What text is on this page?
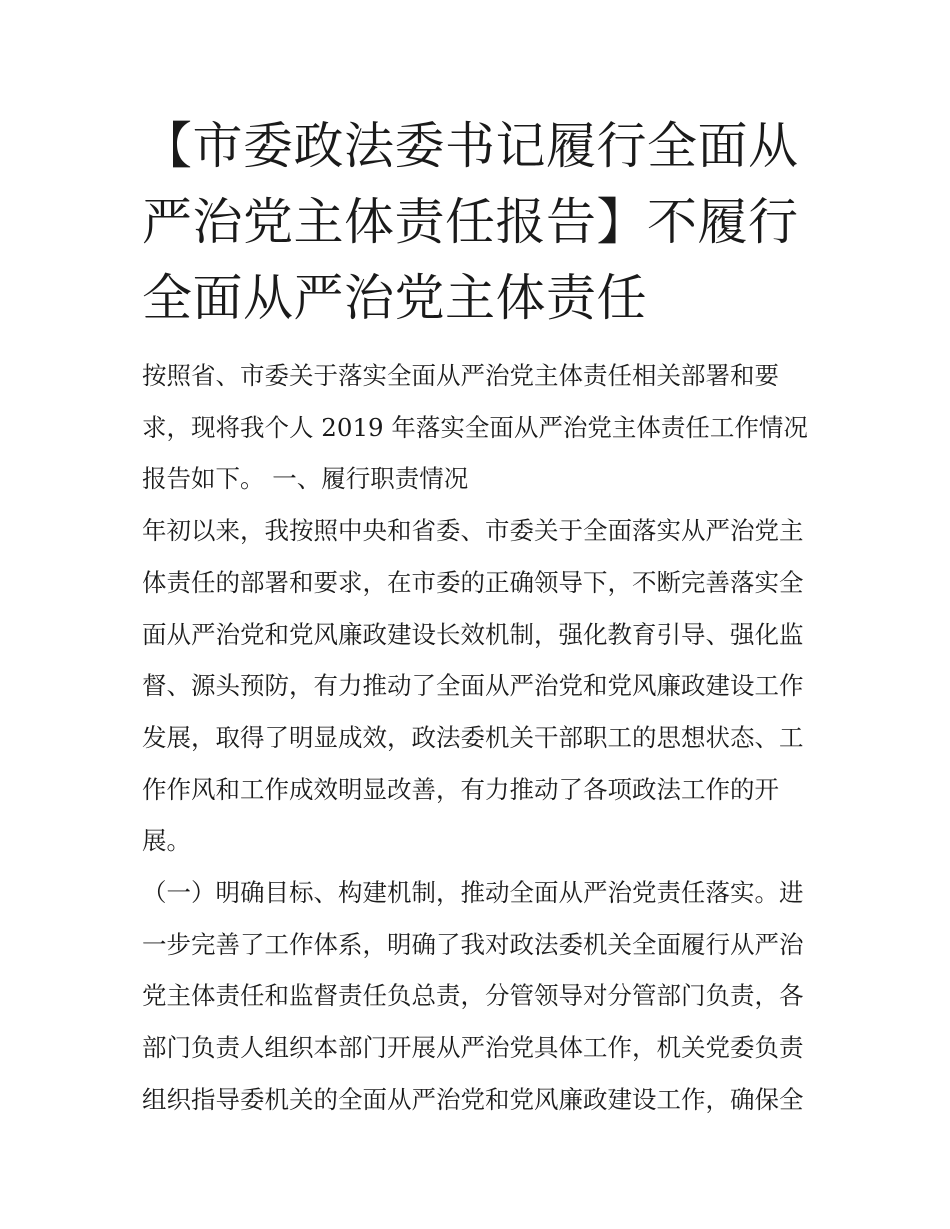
【市委政法委书记履行全面从
严治党主体责任报告】不履行
全面从严治党主体责任

按照省、市委关于落实全面从严治党主体责任相关部署和要

求，现将我个人 2019 年落实全面从严治党主体责任工作情况

报告如下。 一、履行职责情况

年初以来，我按照中央和省委、市委关于全面落实从严治党主

体责任的部署和要求，在市委的正确领导下，不断完善落实全

面从严治党和党风廉政建设长效机制，强化教育引导、强化监

督、源头预防，有力推动了全面从严治党和党风廉政建设工作

发展，取得了明显成效，政法委机关干部职工的思想状态、工

作作风和工作成效明显改善，有力推动了各项政法工作的开

展。

（一）明确目标、构建机制，推动全面从严治党责任落实。进

一步完善了工作体系，明确了我对政法委机关全面履行从严治

党主体责任和监督责任负总责，分管领导对分管部门负责，各

部门负责人组织本部门开展从严治党具体工作，机关党委负责

组织指导委机关的全面从严治党和党风廉政建设工作，确保全
